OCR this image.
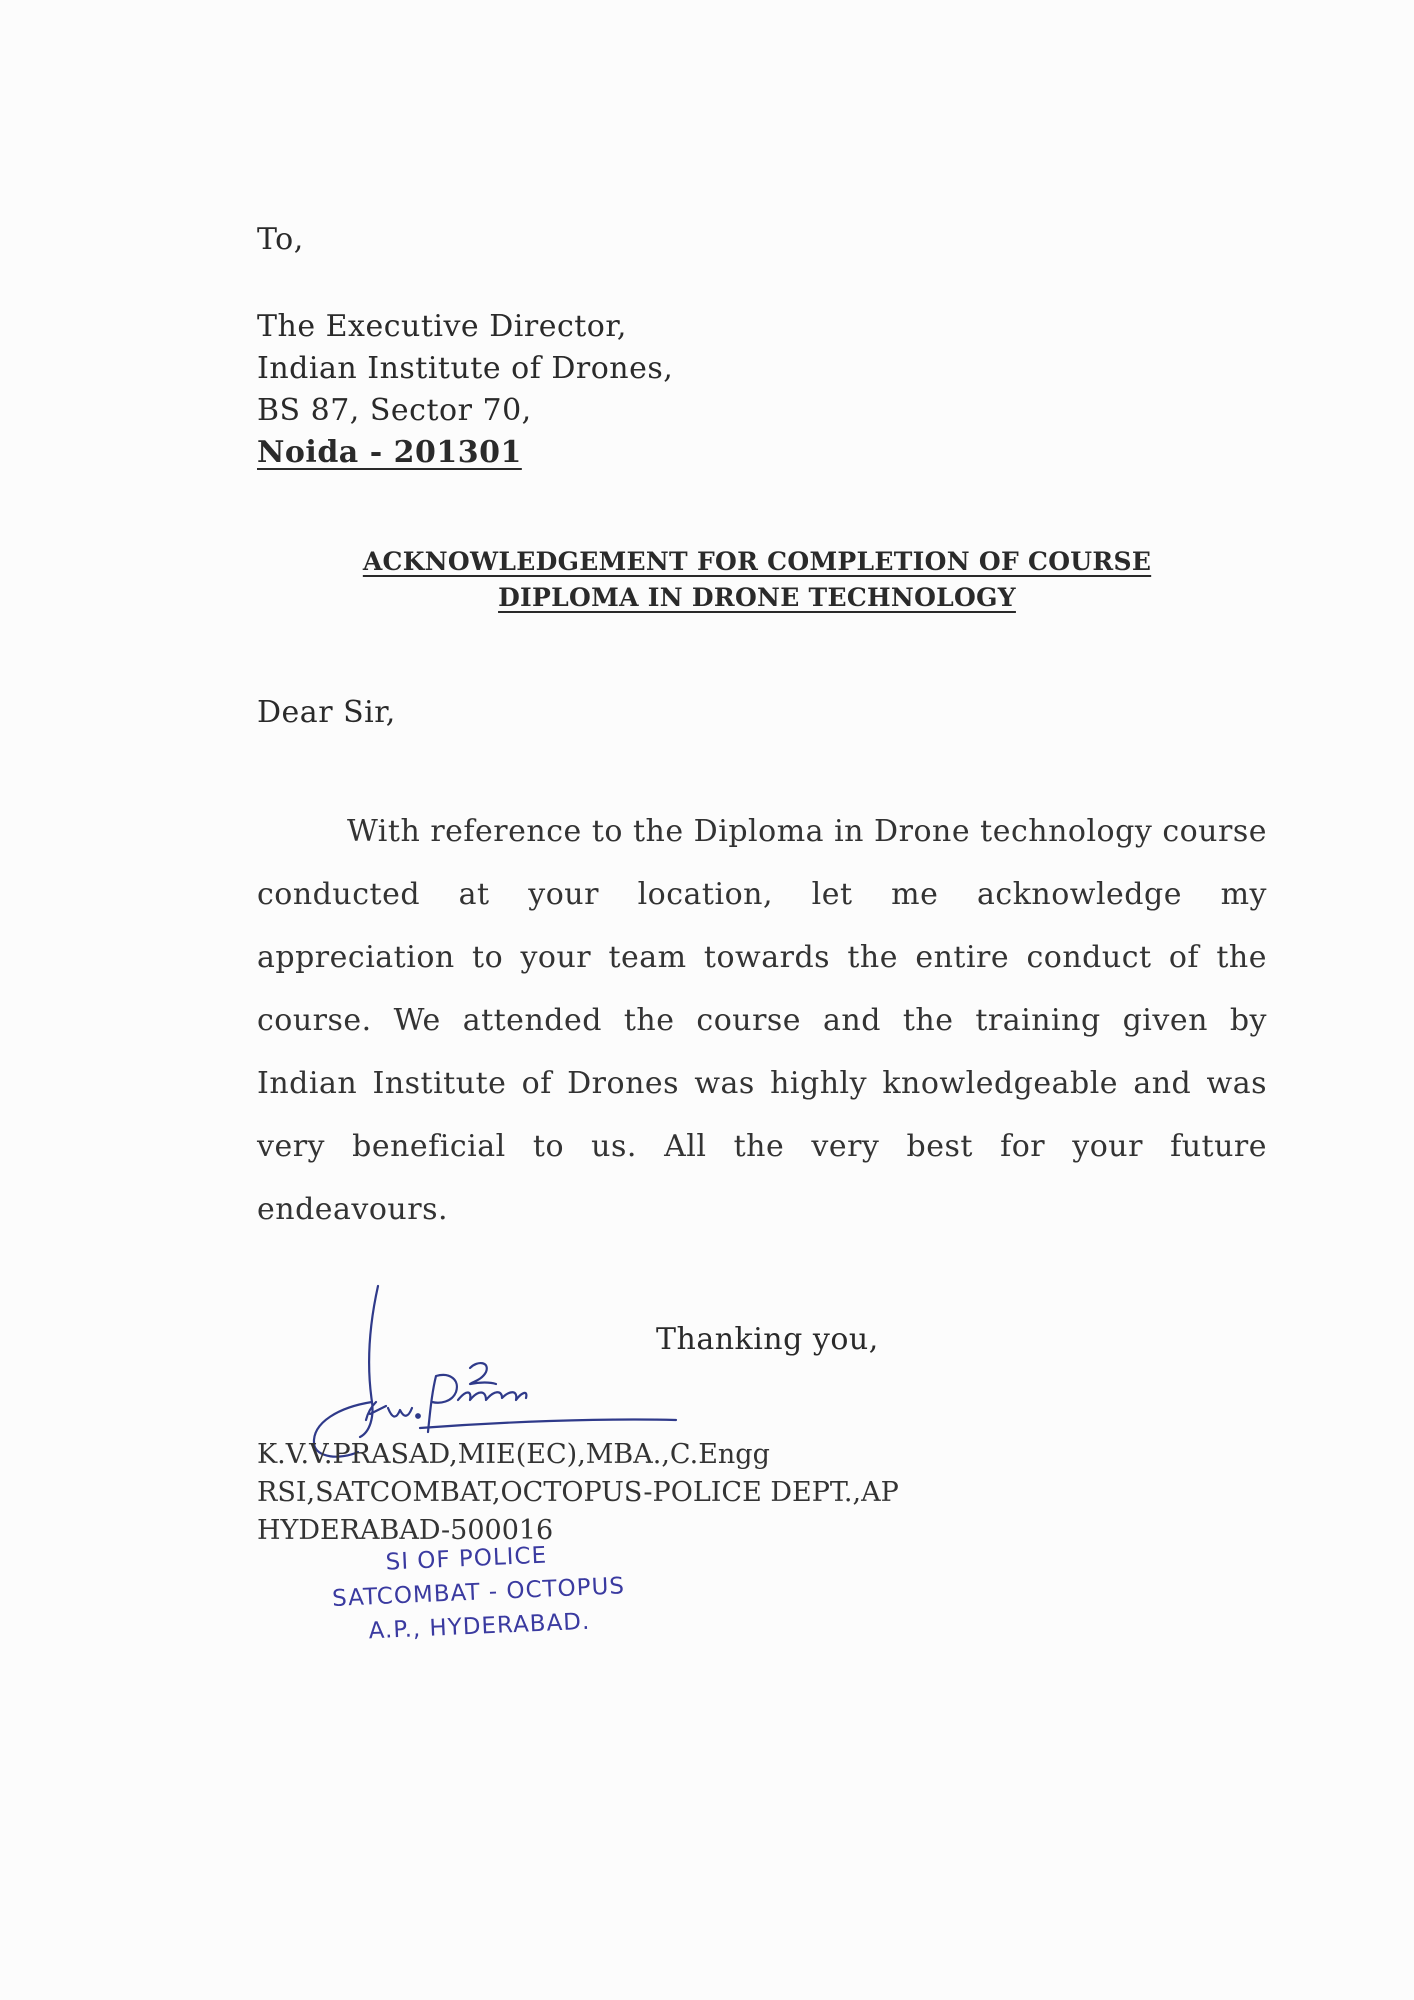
To,
The Executive Director,
Indian Institute of Drones,
BS 87, Sector 70,
Noida - 201301
ACKNOWLEDGEMENT FOR COMPLETION OF COURSE
DIPLOMA IN DRONE TECHNOLOGY
Dear Sir,
With reference to the Diploma in Drone technology course conducted at your location, let me acknowledge my appreciation to your team towards the entire conduct of the course. We attended the course and the training given by Indian Institute of Drones was highly knowledgeable and was very beneficial to us. All the very best for your future endeavours.
Thanking you,
K.V.V.PRASAD,MIE(EC),MBA.,C.Engg
RSI,SATCOMBAT,OCTOPUS-POLICE DEPT.,AP
HYDERABAD-500016
SI OF POLICE
SATCOMBAT - OCTOPUS
A.P., HYDERABAD.
